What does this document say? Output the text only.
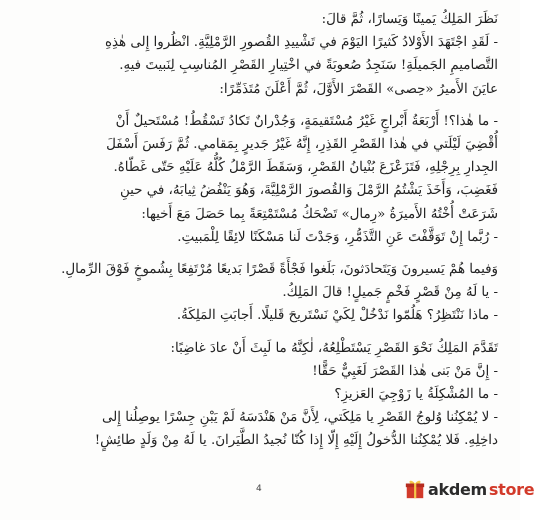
نَظَرَ المَلِكُ يَمينًا وَيَسارًا، ثُمَّ قالَ:

- لَقَدِ اجْتَهَدَ الأَوْلادُ كَثيرًا اليَوْمَ في تَشْييدِ القُصورِ الرَّمْلِيَّةِ. انْظُروا إِلى هٰذِهِ

التَّصاميمِ الجَميلَةِ! سَنَجِدُ صُعوبَةً في اخْتِيارِ القَصْرِ المُناسِبِ لِنَبيتَ فيهِ.

عايَنَ الأَميرُ «حِصى» القَصْرَ الأَوَّلَ، ثُمَّ أَعْلَنَ مُتَذَمِّرًا:

- ما هٰذا؟! أَرْبَعَةُ أَبْراجٍ غَيْرُ مُسْتَقيمَةٍ، وَجُدْرانٌ تَكادُ تَسْقُطُ! مُسْتَحيلٌ أَنْ

أُقْضِيَ لَيْلَتي في هٰذا القَصْرِ القَذِرِ، إِنَّهُ غَيْرُ جَديرٍ بِمَقامي. ثُمَّ رَفَسَ أَسْفَلَ

الجِدارِ بِرِجْلِهِ، فَتَزَعْزَعَ بُنْيانُ القَصْرِ، وَسَقَطَ الرَّمْلُ كُلُّهُ عَلَيْهِ حَتّى غَطّاهُ.

فَغَضِبَ، وَأَخَذَ يَشْتُمُ الرَّمْلَ وَالقُصورَ الرَّمْلِيَّةَ، وَهُوَ يَنْفُضُ ثِيابَهُ، في حينِ

شَرَعَتْ أُخْتُهُ الأَميرَةُ «رِمال» تَضْحَكُ مُسْتَمْتِعَةً بِما حَصَلَ مَعَ أَخيها:

- رُبَّما إِنْ تَوَقَّفْتَ عَنِ التَّذَمُّرِ، وَجَدْتَ لَنا مَسْكَنًا لائِقًا لِلْمَبيتِ.

وَفيما هُمْ يَسيرونَ وَيَتَحادَثونَ، بَلَغوا فَجْأَةً قَصْرًا بَديعًا مُرْتَفِعًا بِشُموخٍ فَوْقَ الرِّمالِ.

- يا لَهُ مِنْ قَصْرٍ فَخْمٍ جَميلٍ! قالَ المَلِكُ.

- ماذا نَنْتَظِرُ؟ هَلُمّوا نَدْخُلْ لِكَيْ نَسْتَريحَ قَليلًا. أَجابَتِ المَلِكَةُ.

تَقَدَّمَ المَلِكُ نَحْوَ القَصْرِ يَسْتَطْلِعُهُ، لٰكِنَّهُ ما لَبِثَ أَنْ عادَ غاضِبًا:

- إِنَّ مَنْ بَنى هٰذا القَصْرَ لَغَبِيٌّ حَقًّا!

- ما المُشْكِلَةُ يا زَوْجِيَ العَزيزِ؟

- لا يُمْكِنُنا وُلوجُ القَصْرِ يا مَلِكَتي، لِأَنَّ مَنْ هَنْدَسَهُ لَمْ يَبْنِ جِسْرًا يوصِلُنا إِلى

داخِلِهِ. فَلا يُمْكِنُنا الدُّخولُ إِلَيْهِ إِلّا إِذا كُنّا نُجيدُ الطَّيَرانَ. يا لَهُ مِنْ وَلَدٍ طائِشٍ!

4	akdem store
